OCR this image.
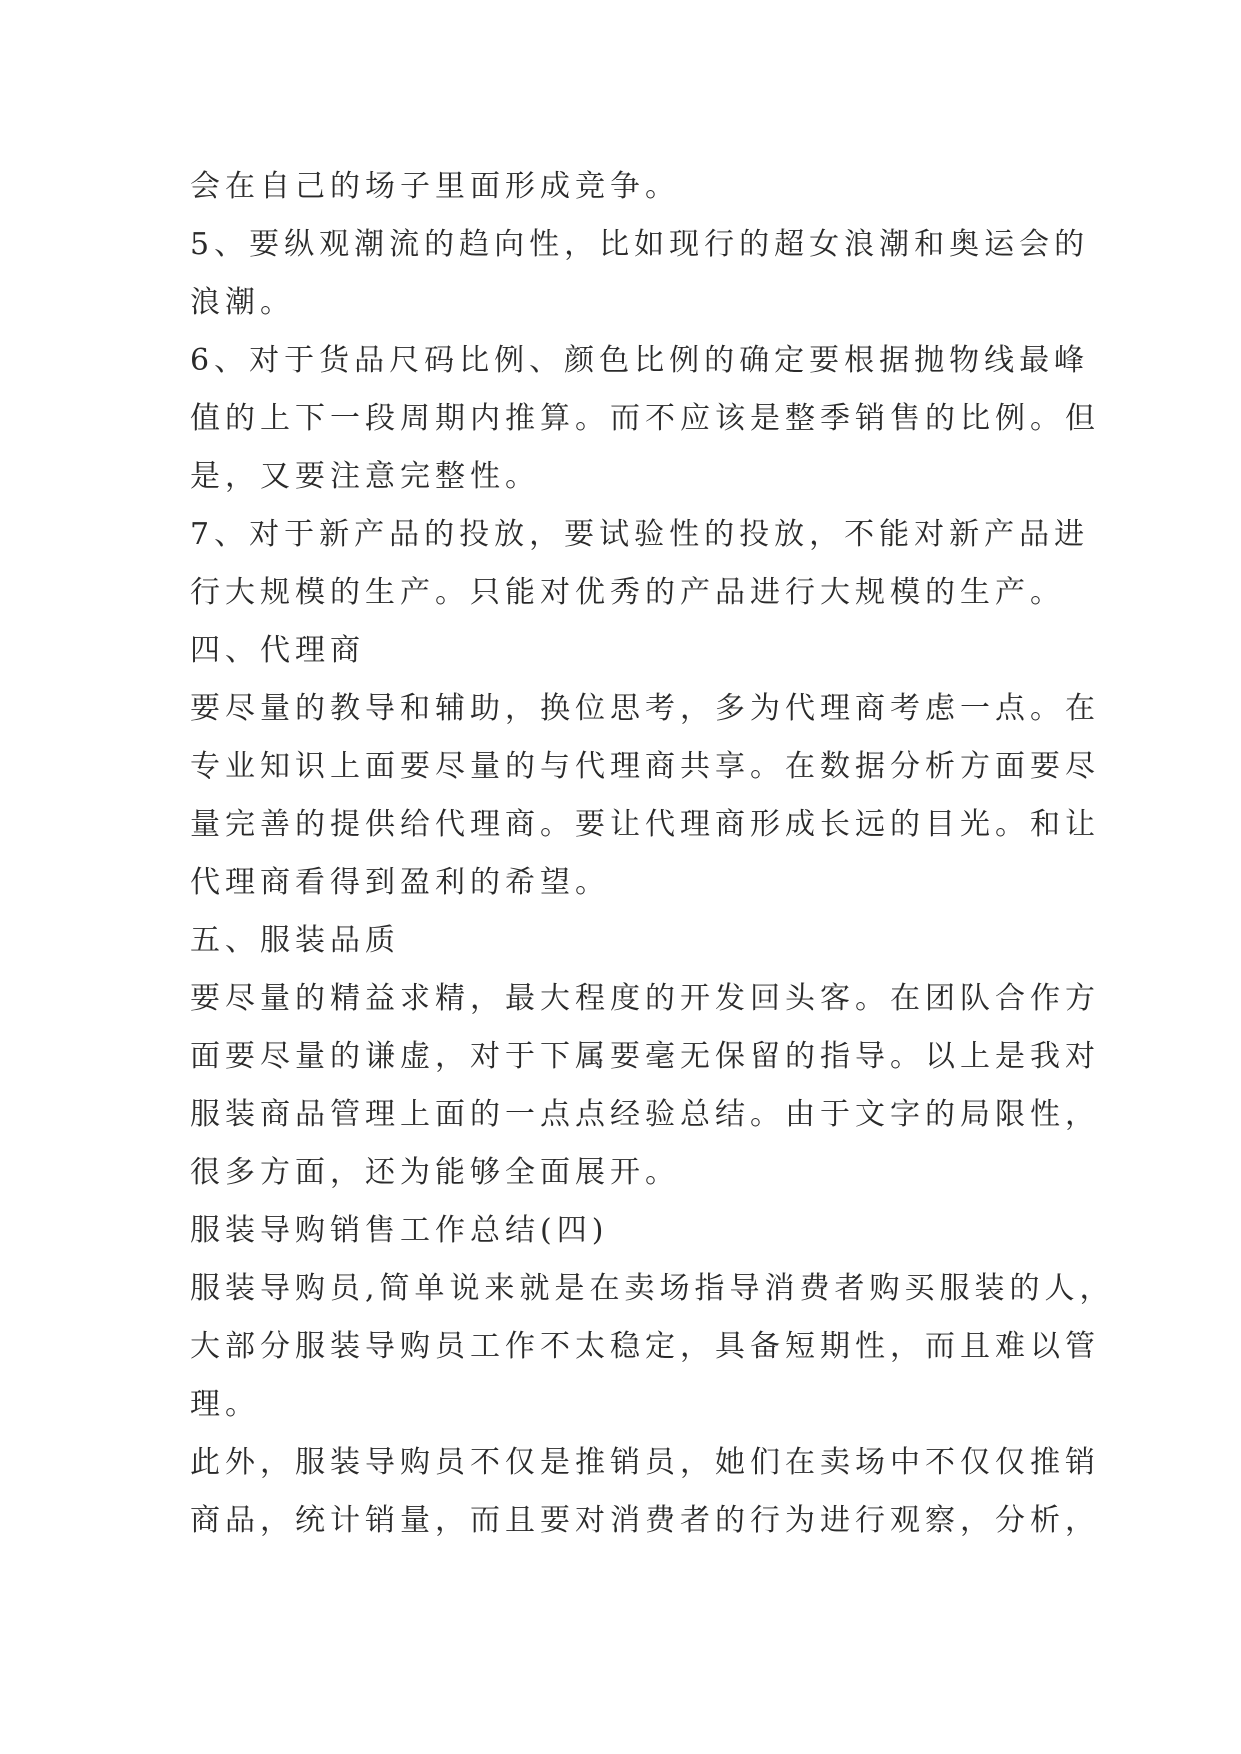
会在自己的场子里面形成竞争。

5、要纵观潮流的趋向性，比如现行的超女浪潮和奥运会的

浪潮。

6、对于货品尺码比例、颜色比例的确定要根据抛物线最峰

值的上下一段周期内推算。而不应该是整季销售的比例。但

是，又要注意完整性。

7、对于新产品的投放，要试验性的投放，不能对新产品进

行大规模的生产。只能对优秀的产品进行大规模的生产。

四、代理商

要尽量的教导和辅助，换位思考，多为代理商考虑一点。在

专业知识上面要尽量的与代理商共享。在数据分析方面要尽

量完善的提供给代理商。要让代理商形成长远的目光。和让

代理商看得到盈利的希望。

五、服装品质

要尽量的精益求精，最大程度的开发回头客。在团队合作方

面要尽量的谦虚，对于下属要毫无保留的指导。以上是我对

服装商品管理上面的一点点经验总结。由于文字的局限性，

很多方面，还为能够全面展开。

服装导购销售工作总结(四)

服装导购员,简单说来就是在卖场指导消费者购买服装的人，

大部分服装导购员工作不太稳定，具备短期性，而且难以管

理。

此外，服装导购员不仅是推销员，她们在卖场中不仅仅推销

商品，统计销量，而且要对消费者的行为进行观察，分析，
